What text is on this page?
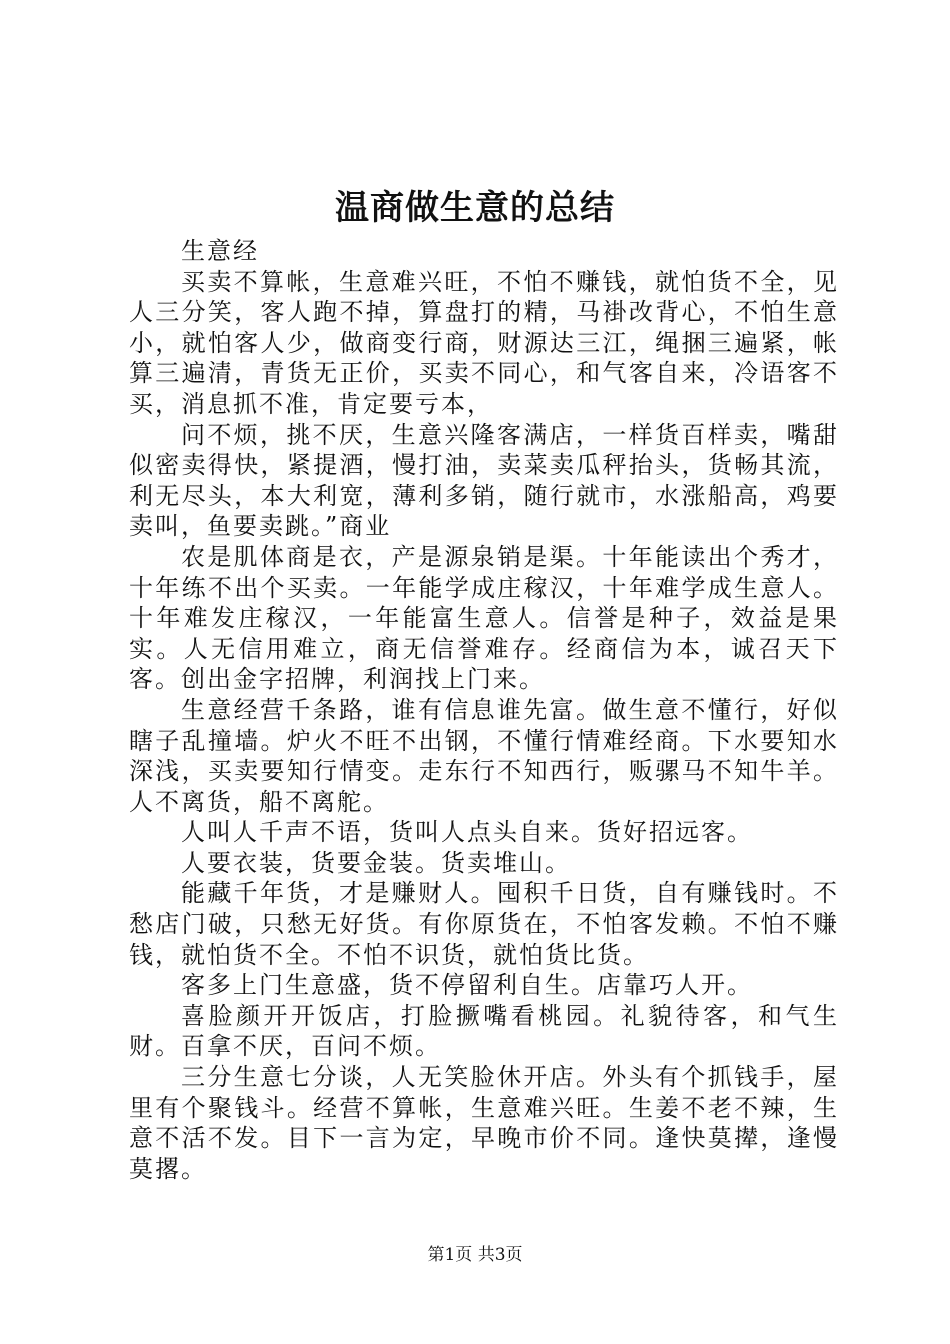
温商做生意的总结

生意经

买卖不算帐，生意难兴旺，不怕不赚钱，就怕货不全，见人三分笑，客人跑不掉，算盘打的精，马褂改背心，不怕生意小，就怕客人少，做商变行商，财源达三江，绳捆三遍紧，帐算三遍清，青货无正价，买卖不同心，和气客自来，冷语客不买，消息抓不准，肯定要亏本，

问不烦，挑不厌，生意兴隆客满店，一样货百样卖，嘴甜似密卖得快，紧提酒，慢打油，卖菜卖瓜秤抬头，货畅其流，利无尽头，本大利宽，薄利多销，随行就市，水涨船高，鸡要卖叫，鱼要卖跳。”商业

农是肌体商是衣，产是源泉销是渠。十年能读出个秀才，十年练不出个买卖。一年能学成庄稼汉，十年难学成生意人。十年难发庄稼汉，一年能富生意人。信誉是种子，效益是果实。人无信用难立，商无信誉难存。经商信为本，诚召天下客。创出金字招牌，利润找上门来。

生意经营千条路，谁有信息谁先富。做生意不懂行，好似瞎子乱撞墙。炉火不旺不出钢，不懂行情难经商。下水要知水深浅，买卖要知行情变。走东行不知西行，贩骡马不知牛羊。人不离货，船不离舵。

人叫人千声不语，货叫人点头自来。货好招远客。

人要衣装，货要金装。货卖堆山。

能藏千年货，才是赚财人。囤积千日货，自有赚钱时。不愁店门破，只愁无好货。有你原货在，不怕客发赖。不怕不赚钱，就怕货不全。不怕不识货，就怕货比货。

客多上门生意盛，货不停留利自生。店靠巧人开。

喜脸颜开开饭店，打脸撅嘴看桃园。礼貌待客，和气生财。百拿不厌，百问不烦。

三分生意七分谈，人无笑脸休开店。外头有个抓钱手，屋里有个聚钱斗。经营不算帐，生意难兴旺。生姜不老不辣，生意不活不发。目下一言为定，早晚市价不同。逢快莫撵，逢慢莫撂。

第1页 共3页
